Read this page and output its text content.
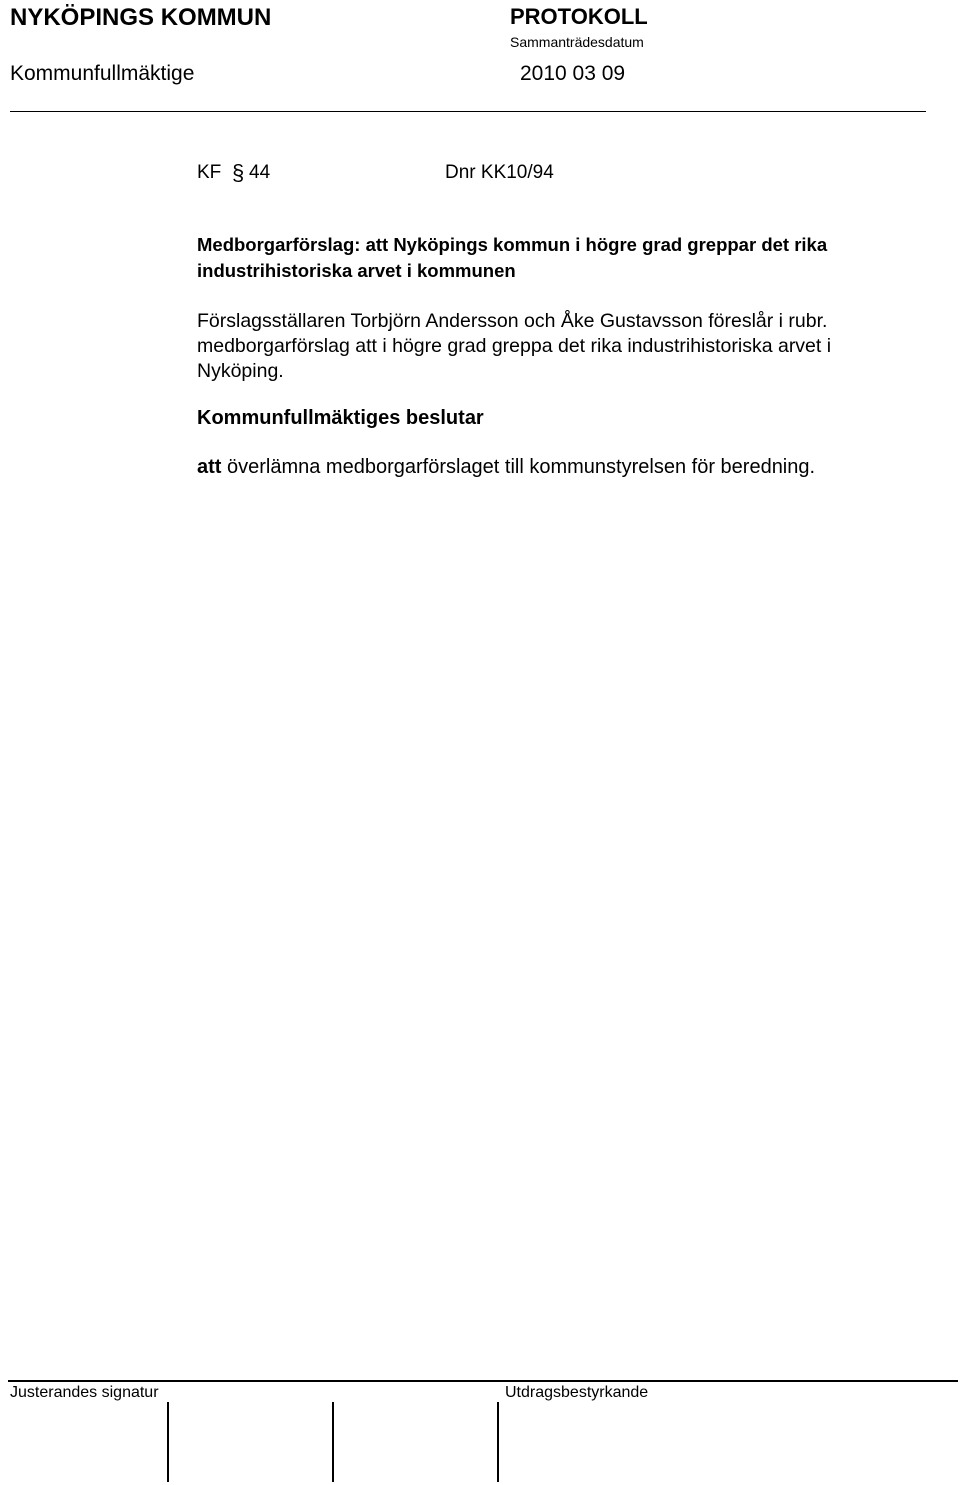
NYKÖPINGS KOMMUN	PROTOKOLL
Sammanträdesdatum
Kommunfullmäktige	2010 03 09
KF § 44	Dnr KK10/94
Medborgarförslag: att Nyköpings kommun i högre grad greppar det rika
industrihistoriska arvet i kommunen
Förslagsställaren Torbjörn Andersson och Åke Gustavsson föreslår i rubr.
medborgarförslag att i högre grad greppa det rika industrihistoriska arvet i
Nyköping.
Kommunfullmäktiges beslutar
att överlämna medborgarförslaget till kommunstyrelsen för beredning.
Justerandes signatur	Utdragsbestyrkande
